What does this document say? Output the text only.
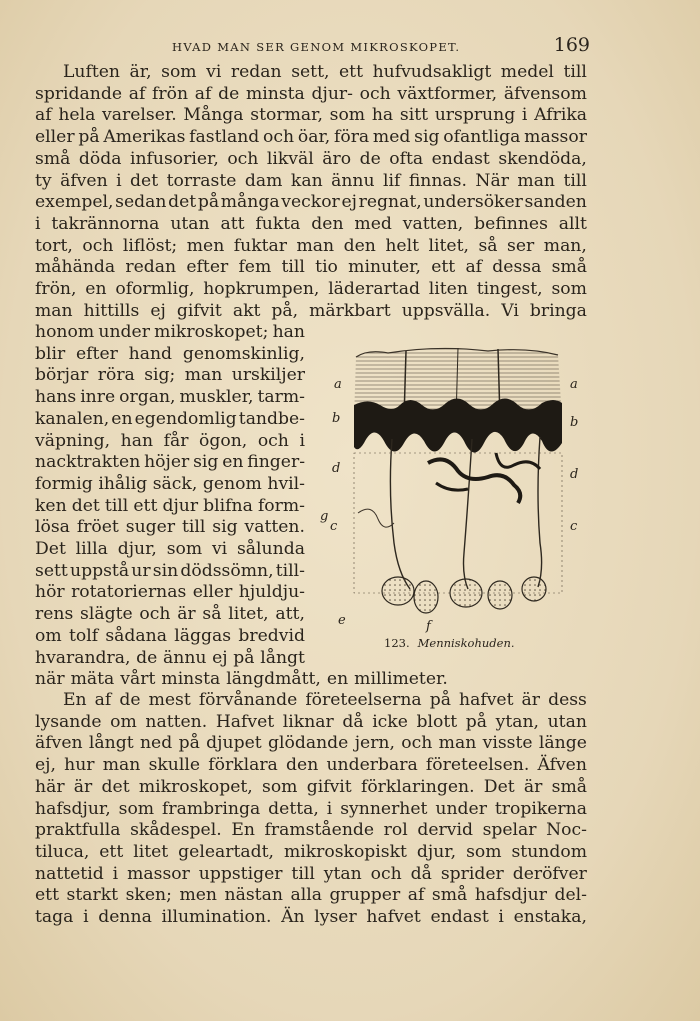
HVAD MAN SER GENOM MIKROSKOPET.	169
Luften är, som vi redan sett, ett hufvudsakligt medel till
spridande af frön af de minsta djur- och växtformer, äfvensom
af hela varelser. Många stormar, som ha sitt ursprung i Afrika
eller på Amerikas fastland och öar, föra med sig ofantliga massor
små döda infusorier, och likväl äro de ofta endast skendöda,
ty äfven i det torraste dam kan ännu lif finnas. När man till
exempel, sedan det på många veckor ej regnat, undersöker sanden
i takrännorna utan att fukta den med vatten, befinnes allt
tort, och liflöst; men fuktar man den helt litet, så ser man,
måhända redan efter fem till tio minuter, ett af dessa små
frön, en oformlig, hopkrumpen, läderartad liten tingest, som
man hittills ej gifvit akt på, märkbart uppsvälla. Vi bringa
honom under mikroskopet; han
blir efter hand genomskinlig,
börjar röra sig; man urskiljer
hans inre organ, muskler, tarm-
kanalen, en egendomlig tandbe-
väpning, han får ögon, och i
nacktrakten höjer sig en finger-
formig ihålig säck, genom hvil-
ken det till ett djur blifna form-
lösa fröet suger till sig vatten.
Det lilla djur, som vi sålunda
sett uppstå ur sin dödssömn, till-
hör rotatoriernas eller hjuldju-
rens slägte och är så litet, att,
om tolf sådana läggas bredvid
hvarandra, de ännu ej på långt
när mäta vårt minsta längdmått, en millimeter.
En af de mest förvånande företeelserna på hafvet är dess
lysande om natten. Hafvet liknar då icke blott på ytan, utan
äfven långt ned på djupet glödande jern, och man visste länge
ej, hur man skulle förklara den underbara företeelsen. Äfven
här är det mikroskopet, som gifvit förklaringen. Det är små
hafsdjur, som frambringa detta, i synnerhet under tropikerna
praktfulla skådespel. En framstående rol dervid spelar Noc-
tiluca, ett litet geleartadt, mikroskopiskt djur, som stundom
nattetid i massor uppstiger till ytan och då sprider deröfver
ett starkt sken; men nästan alla grupper af små hafsdjur del-
taga i denna illumination. Än lyser hafvet endast i enstaka,
a	a
b	b
d	d
g
c	c
e	f
123. Menniskohuden.
